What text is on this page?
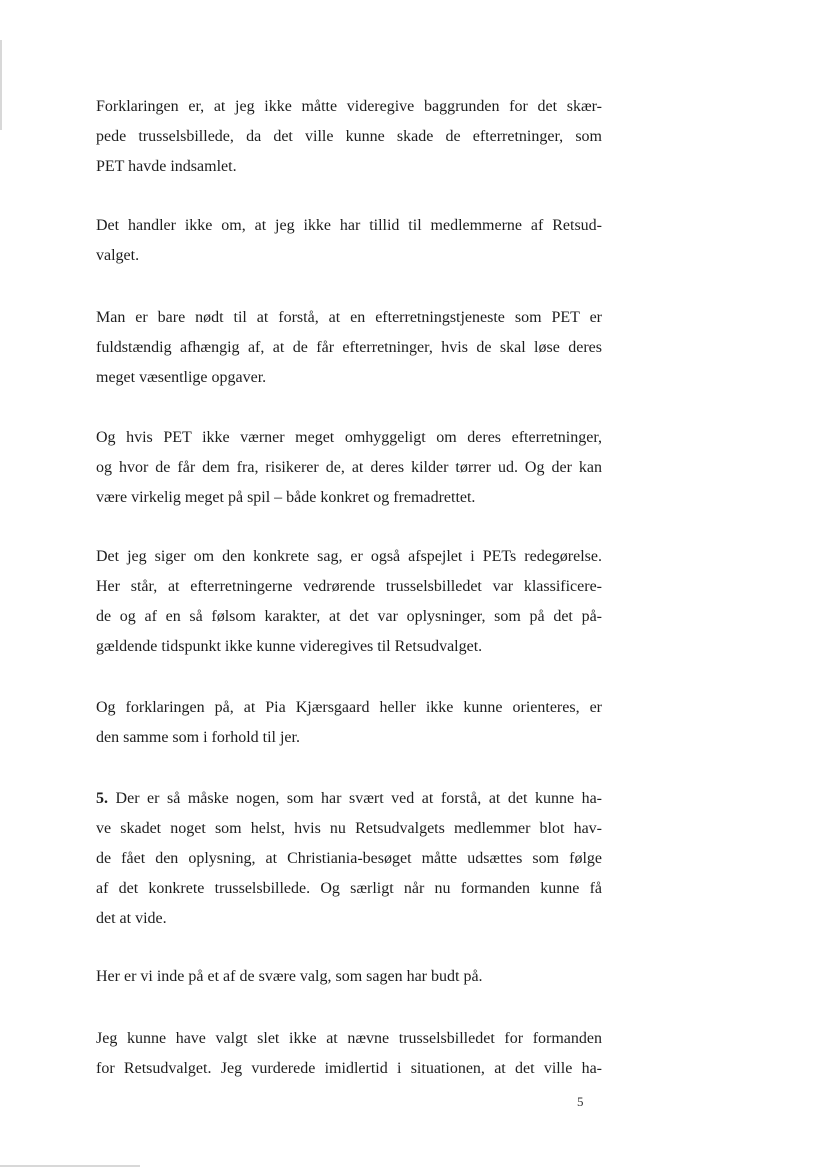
Forklaringen er, at jeg ikke måtte videregive baggrunden for det skær-
pede trusselsbillede, da det ville kunne skade de efterretninger, som
PET havde indsamlet.

Det handler ikke om, at jeg ikke har tillid til medlemmerne af Retsud-
valget.

Man er bare nødt til at forstå, at en efterretningstjeneste som PET er
fuldstændig afhængig af, at de får efterretninger, hvis de skal løse deres
meget væsentlige opgaver.

Og hvis PET ikke værner meget omhyggeligt om deres efterretninger,
og hvor de får dem fra, risikerer de, at deres kilder tørrer ud. Og der kan
være virkelig meget på spil – både konkret og fremadrettet.

Det jeg siger om den konkrete sag, er også afspejlet i PETs redegørelse.
Her står, at efterretningerne vedrørende trusselsbilledet var klassificere-
de og af en så følsom karakter, at det var oplysninger, som på det på-
gældende tidspunkt ikke kunne videregives til Retsudvalget.

Og forklaringen på, at Pia Kjærsgaard heller ikke kunne orienteres, er
den samme som i forhold til jer.

5. Der er så måske nogen, som har svært ved at forstå, at det kunne ha-
ve skadet noget som helst, hvis nu Retsudvalgets medlemmer blot hav-
de fået den oplysning, at Christiania-besøget måtte udsættes som følge
af det konkrete trusselsbillede. Og særligt når nu formanden kunne få
det at vide.

Her er vi inde på et af de svære valg, som sagen har budt på.

Jeg kunne have valgt slet ikke at nævne trusselsbilledet for formanden
for Retsudvalget. Jeg vurderede imidlertid i situationen, at det ville ha-

5
